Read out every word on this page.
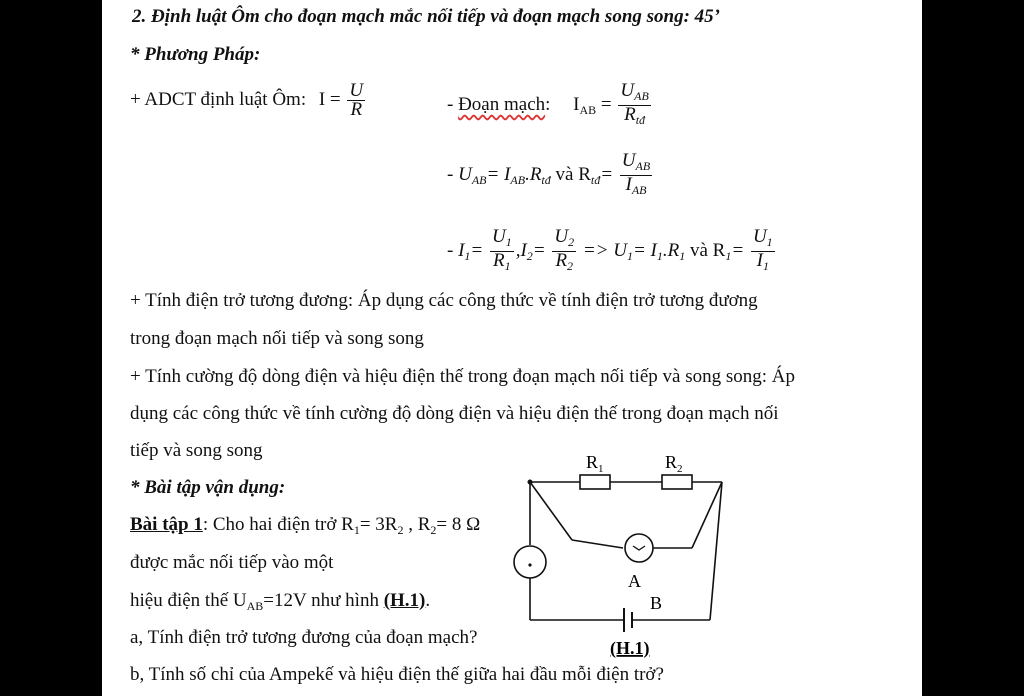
2. Định luật Ôm cho đoạn mạch mắc nối tiếp và đoạn mạch song song: 45’
* Phương Pháp:
+ ADCT định luật Ôm: $I = \frac{U}{R}$	- Đoạn mạch: $I_{AB} = \frac{U_{AB}}{R_{tđ}}$
- $U_{AB}= I_{AB}.R_{tđ}$ và $R_{tđ}= \frac{U_{AB}}{I_{AB}}$
- $I_1= \frac{U_1}{R_1} ,I_2= \frac{U_2}{R_2} => U_1= I_1.R_1$ và $R_1= \frac{U_1}{I_1}$
+ Tính điện trở tương đương: Áp dụng các công thức về tính điện trở tương đương
trong đoạn mạch nối tiếp và song song
+ Tính cường độ dòng điện và hiệu điện thế trong đoạn mạch nối tiếp và song song: Áp
dụng các công thức về tính cường độ dòng điện và hiệu điện thế trong đoạn mạch nối
tiếp và song song
* Bài tập vận dụng:
Bài tập 1: Cho hai điện trở $R_1= 3R_2$ , $R_2= 8$ Ω
được mắc nối tiếp vào một
hiệu điện thế $U_{AB}=12V$ như hình (H.1).
a, Tính điện trở tương đương của đoạn mạch?
b, Tính số chỉ của Ampekế và hiệu điện thế giữa hai đầu mỗi điện trở?
$R_1$	$R_2$
A
B
(H.1)
